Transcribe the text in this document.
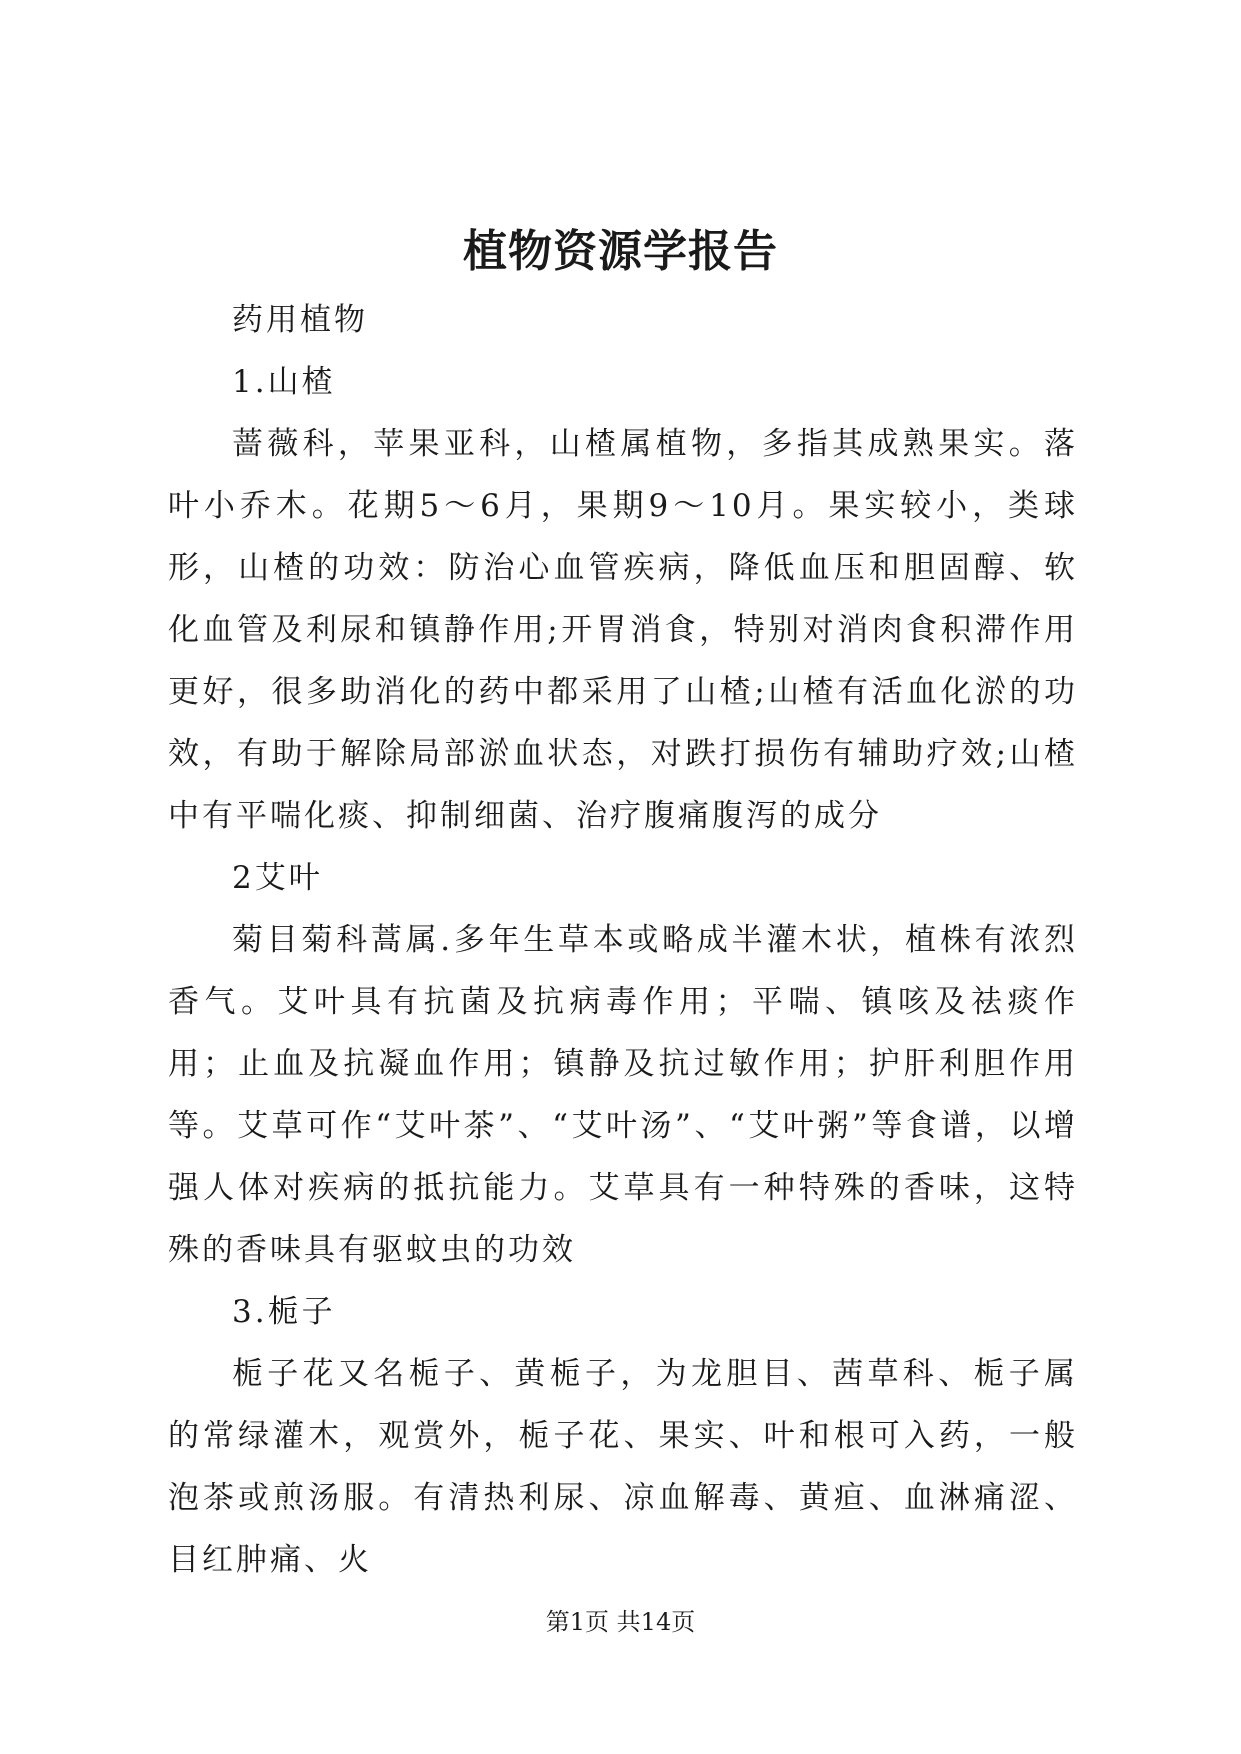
植物资源学报告

药用植物

1.山楂

蔷薇科，苹果亚科，山楂属植物，多指其成熟果实。落叶小乔木。花期5～6月，果期9～10月。果实较小，类球形，山楂的功效：防治心血管疾病，降低血压和胆固醇、软化血管及利尿和镇静作用;开胃消食，特别对消肉食积滞作用更好，很多助消化的药中都采用了山楂;山楂有活血化淤的功效，有助于解除局部淤血状态，对跌打损伤有辅助疗效;山楂中有平喘化痰、抑制细菌、治疗腹痛腹泻的成分

2艾叶

菊目菊科蒿属.多年生草本或略成半灌木状，植株有浓烈香气。艾叶具有抗菌及抗病毒作用；平喘、镇咳及祛痰作用；止血及抗凝血作用；镇静及抗过敏作用；护肝利胆作用等。艾草可作“艾叶茶”、“艾叶汤”、“艾叶粥”等食谱，以增强人体对疾病的抵抗能力。艾草具有一种特殊的香味，这特殊的香味具有驱蚊虫的功效

3.栀子

栀子花又名栀子、黄栀子，为龙胆目、茜草科、栀子属的常绿灌木，观赏外，栀子花、果实、叶和根可入药，一般泡茶或煎汤服。有清热利尿、凉血解毒、黄疸、血淋痛涩、目红肿痛、火

第1页 共14页
